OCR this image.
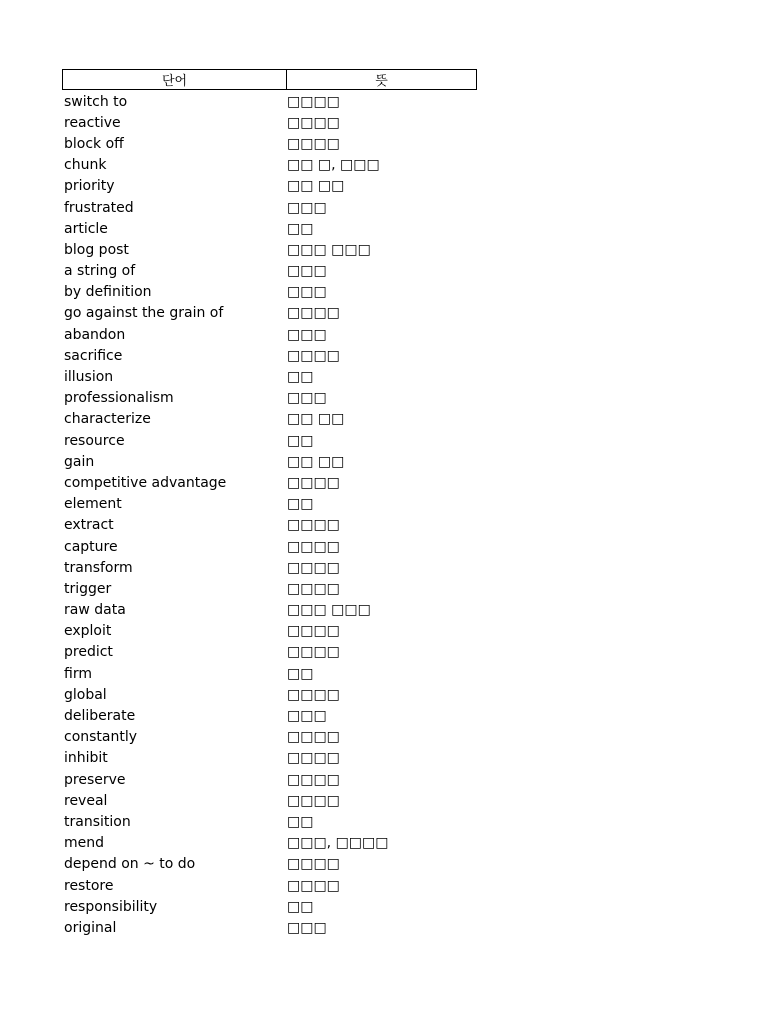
단어	뜻
switch to	□□□□
reactive	□□□□
block off	□□□□
chunk	□□ □, □□□
priority	□□ □□
frustrated	□□□
article	□□
blog post	□□□ □□□
a string of	□□□
by definition	□□□
go against the grain of	□□□□
abandon	□□□
sacrifice	□□□□
illusion	□□
professionalism	□□□
characterize	□□ □□
resource	□□
gain	□□ □□
competitive advantage	□□□□
element	□□
extract	□□□□
capture	□□□□
transform	□□□□
trigger	□□□□
raw data	□□□ □□□
exploit	□□□□
predict	□□□□
firm	□□
global	□□□□
deliberate	□□□
constantly	□□□□
inhibit	□□□□
preserve	□□□□
reveal	□□□□
transition	□□
mend	□□□, □□□□
depend on ~ to do	□□□□
restore	□□□□
responsibility	□□
original	□□□
